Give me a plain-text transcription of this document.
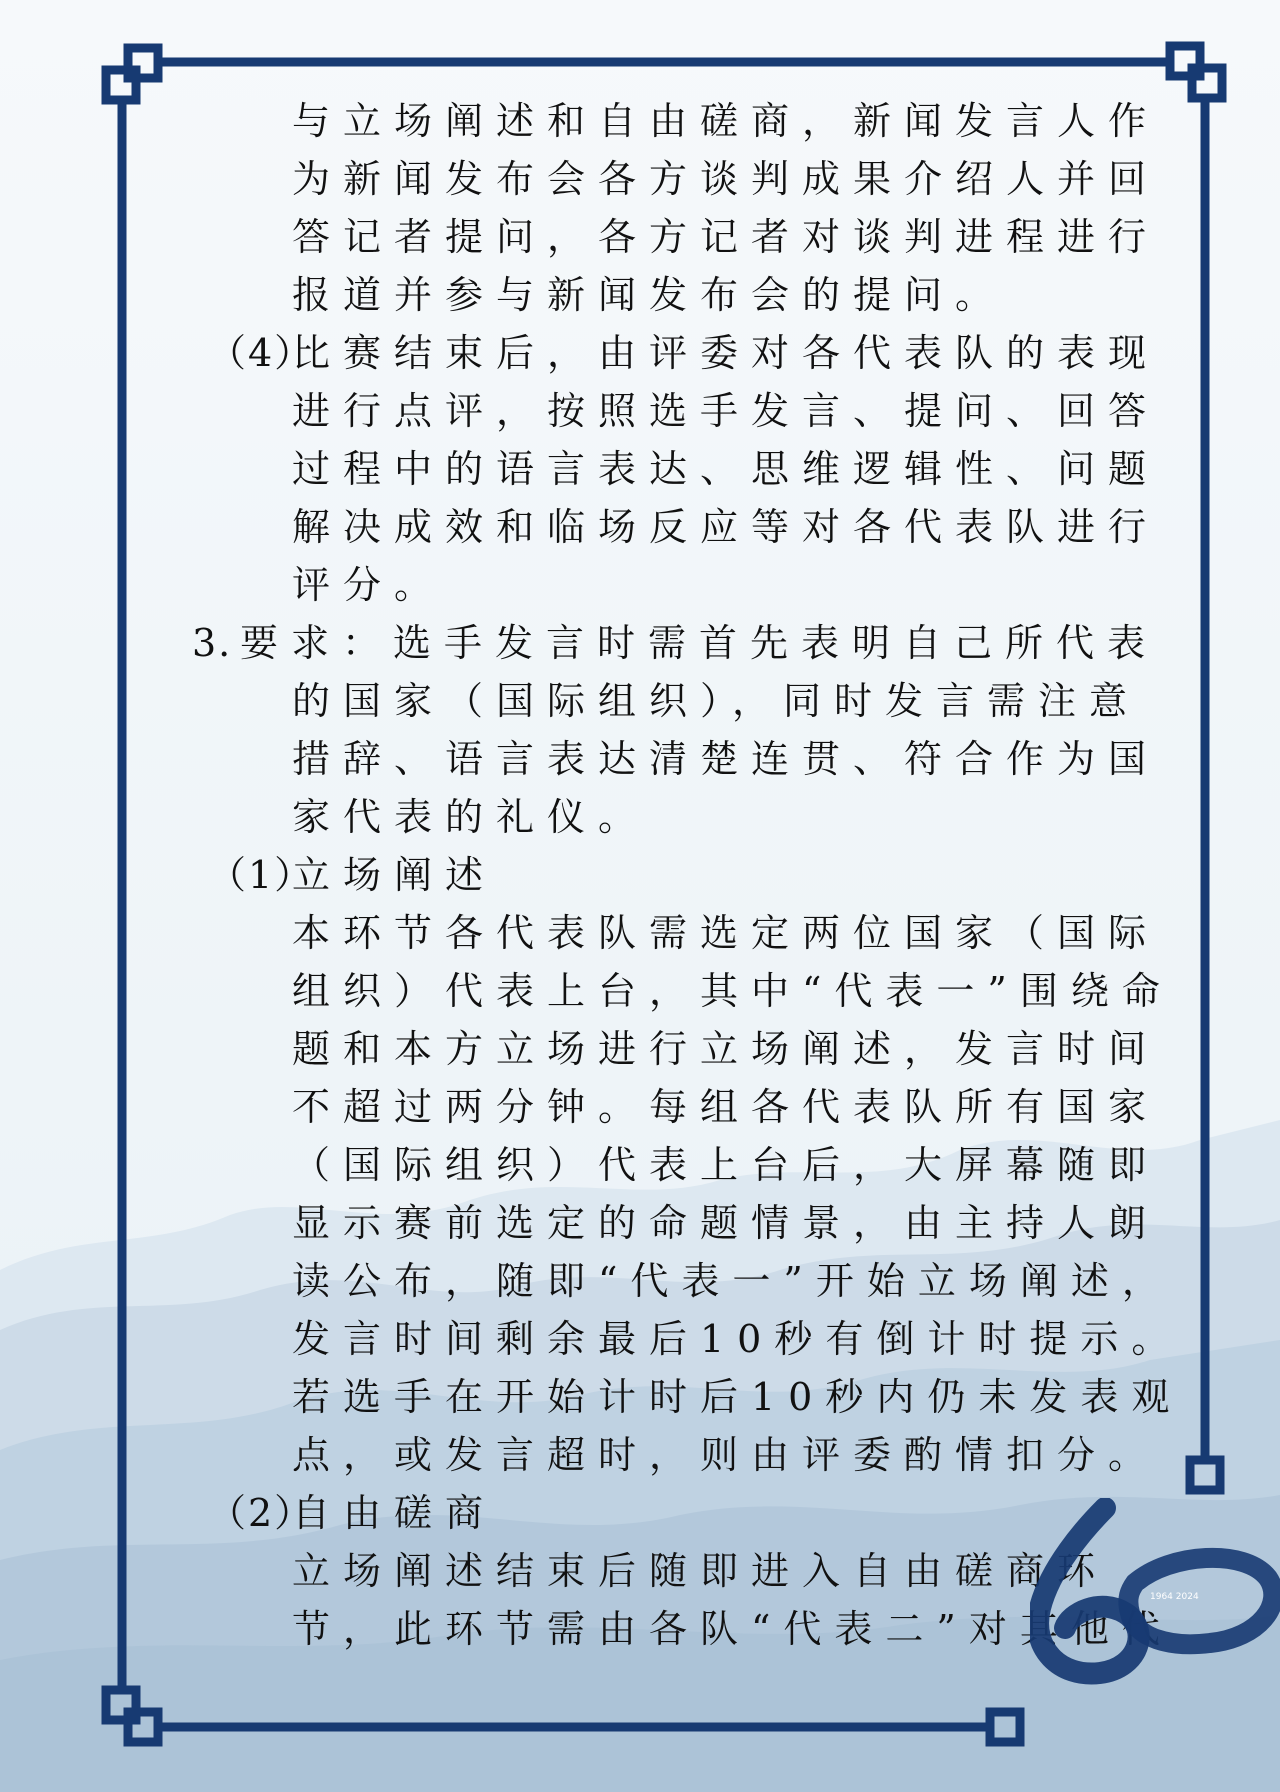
与立场阐述和自由磋商，新闻发言人作
为新闻发布会各方谈判成果介绍人并回
答记者提问，各方记者对谈判进程进行
报道并参与新闻发布会的提问。
（4）
比赛结束后，由评委对各代表队的表现
进行点评，按照选手发言、提问、回答
过程中的语言表达、思维逻辑性、问题
解决成效和临场反应等对各代表队进行
评分。
3. 要求：选手发言时需首先表明自己所代表
的国家（国际组织），同时发言需注意
措辞、语言表达清楚连贯、符合作为国
家代表的礼仪。
（1）
立场阐述
本环节各代表队需选定两位国家（国际
组织）代表上台，其中“代表一”围绕命
题和本方立场进行立场阐述，发言时间
不超过两分钟。每组各代表队所有国家
（国际组织）代表上台后，大屏幕随即
显示赛前选定的命题情景，由主持人朗
读公布，随即“代表一”开始立场阐述，
发言时间剩余最后10秒有倒计时提示。
若选手在开始计时后10秒内仍未发表观
点，或发言超时，则由评委酌情扣分。
（2）
自由磋商
立场阐述结束后随即进入自由磋商环
节，此环节需由各队“代表二”对其他代
1964 2024
